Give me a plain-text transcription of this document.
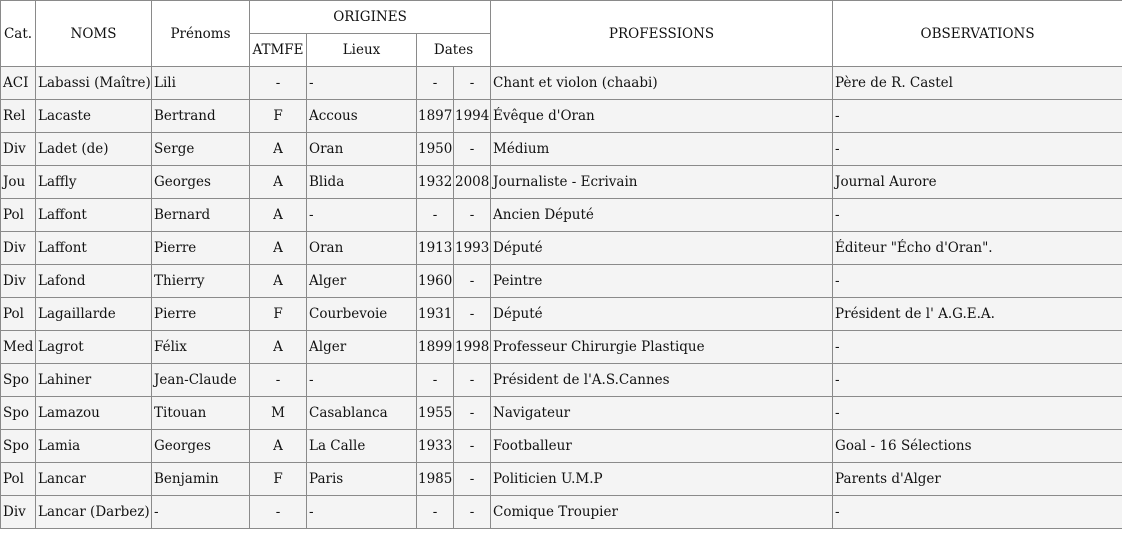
Cat.	NOMS	Prénoms	ORIGINES				PROFESSIONS	OBSERVATIONS
			ATMFE	Lieux	Dates			
ACI	Labassi (Maître)	Lili	-	-	-	-	Chant et violon (chaabi)	Père de R. Castel
Rel	Lacaste	Bertrand	F	Accous	1897	1994	Évêque d'Oran	-
Div	Ladet (de)	Serge	A	Oran	1950	-	Médium	-
Jou	Laffly	Georges	A	Blida	1932	2008	Journaliste - Ecrivain	Journal Aurore
Pol	Laffont	Bernard	A	-	-	-	Ancien Député	-
Div	Laffont	Pierre	A	Oran	1913	1993	Député	Éditeur "Écho d'Oran".
Div	Lafond	Thierry	A	Alger	1960	-	Peintre	-
Pol	Lagaillarde	Pierre	F	Courbevoie	1931	-	Député	Président de l' A.G.E.A.
Med	Lagrot	Félix	A	Alger	1899	1998	Professeur Chirurgie Plastique	-
Spo	Lahiner	Jean-Claude	-	-	-	-	Président de l'A.S.Cannes	-
Spo	Lamazou	Titouan	M	Casablanca	1955	-	Navigateur	-
Spo	Lamia	Georges	A	La Calle	1933	-	Footballeur	Goal - 16 Sélections
Pol	Lancar	Benjamin	F	Paris	1985	-	Politicien U.M.P	Parents d'Alger
Div	Lancar (Darbez)	-	-	-	-	-	Comique Troupier	-
